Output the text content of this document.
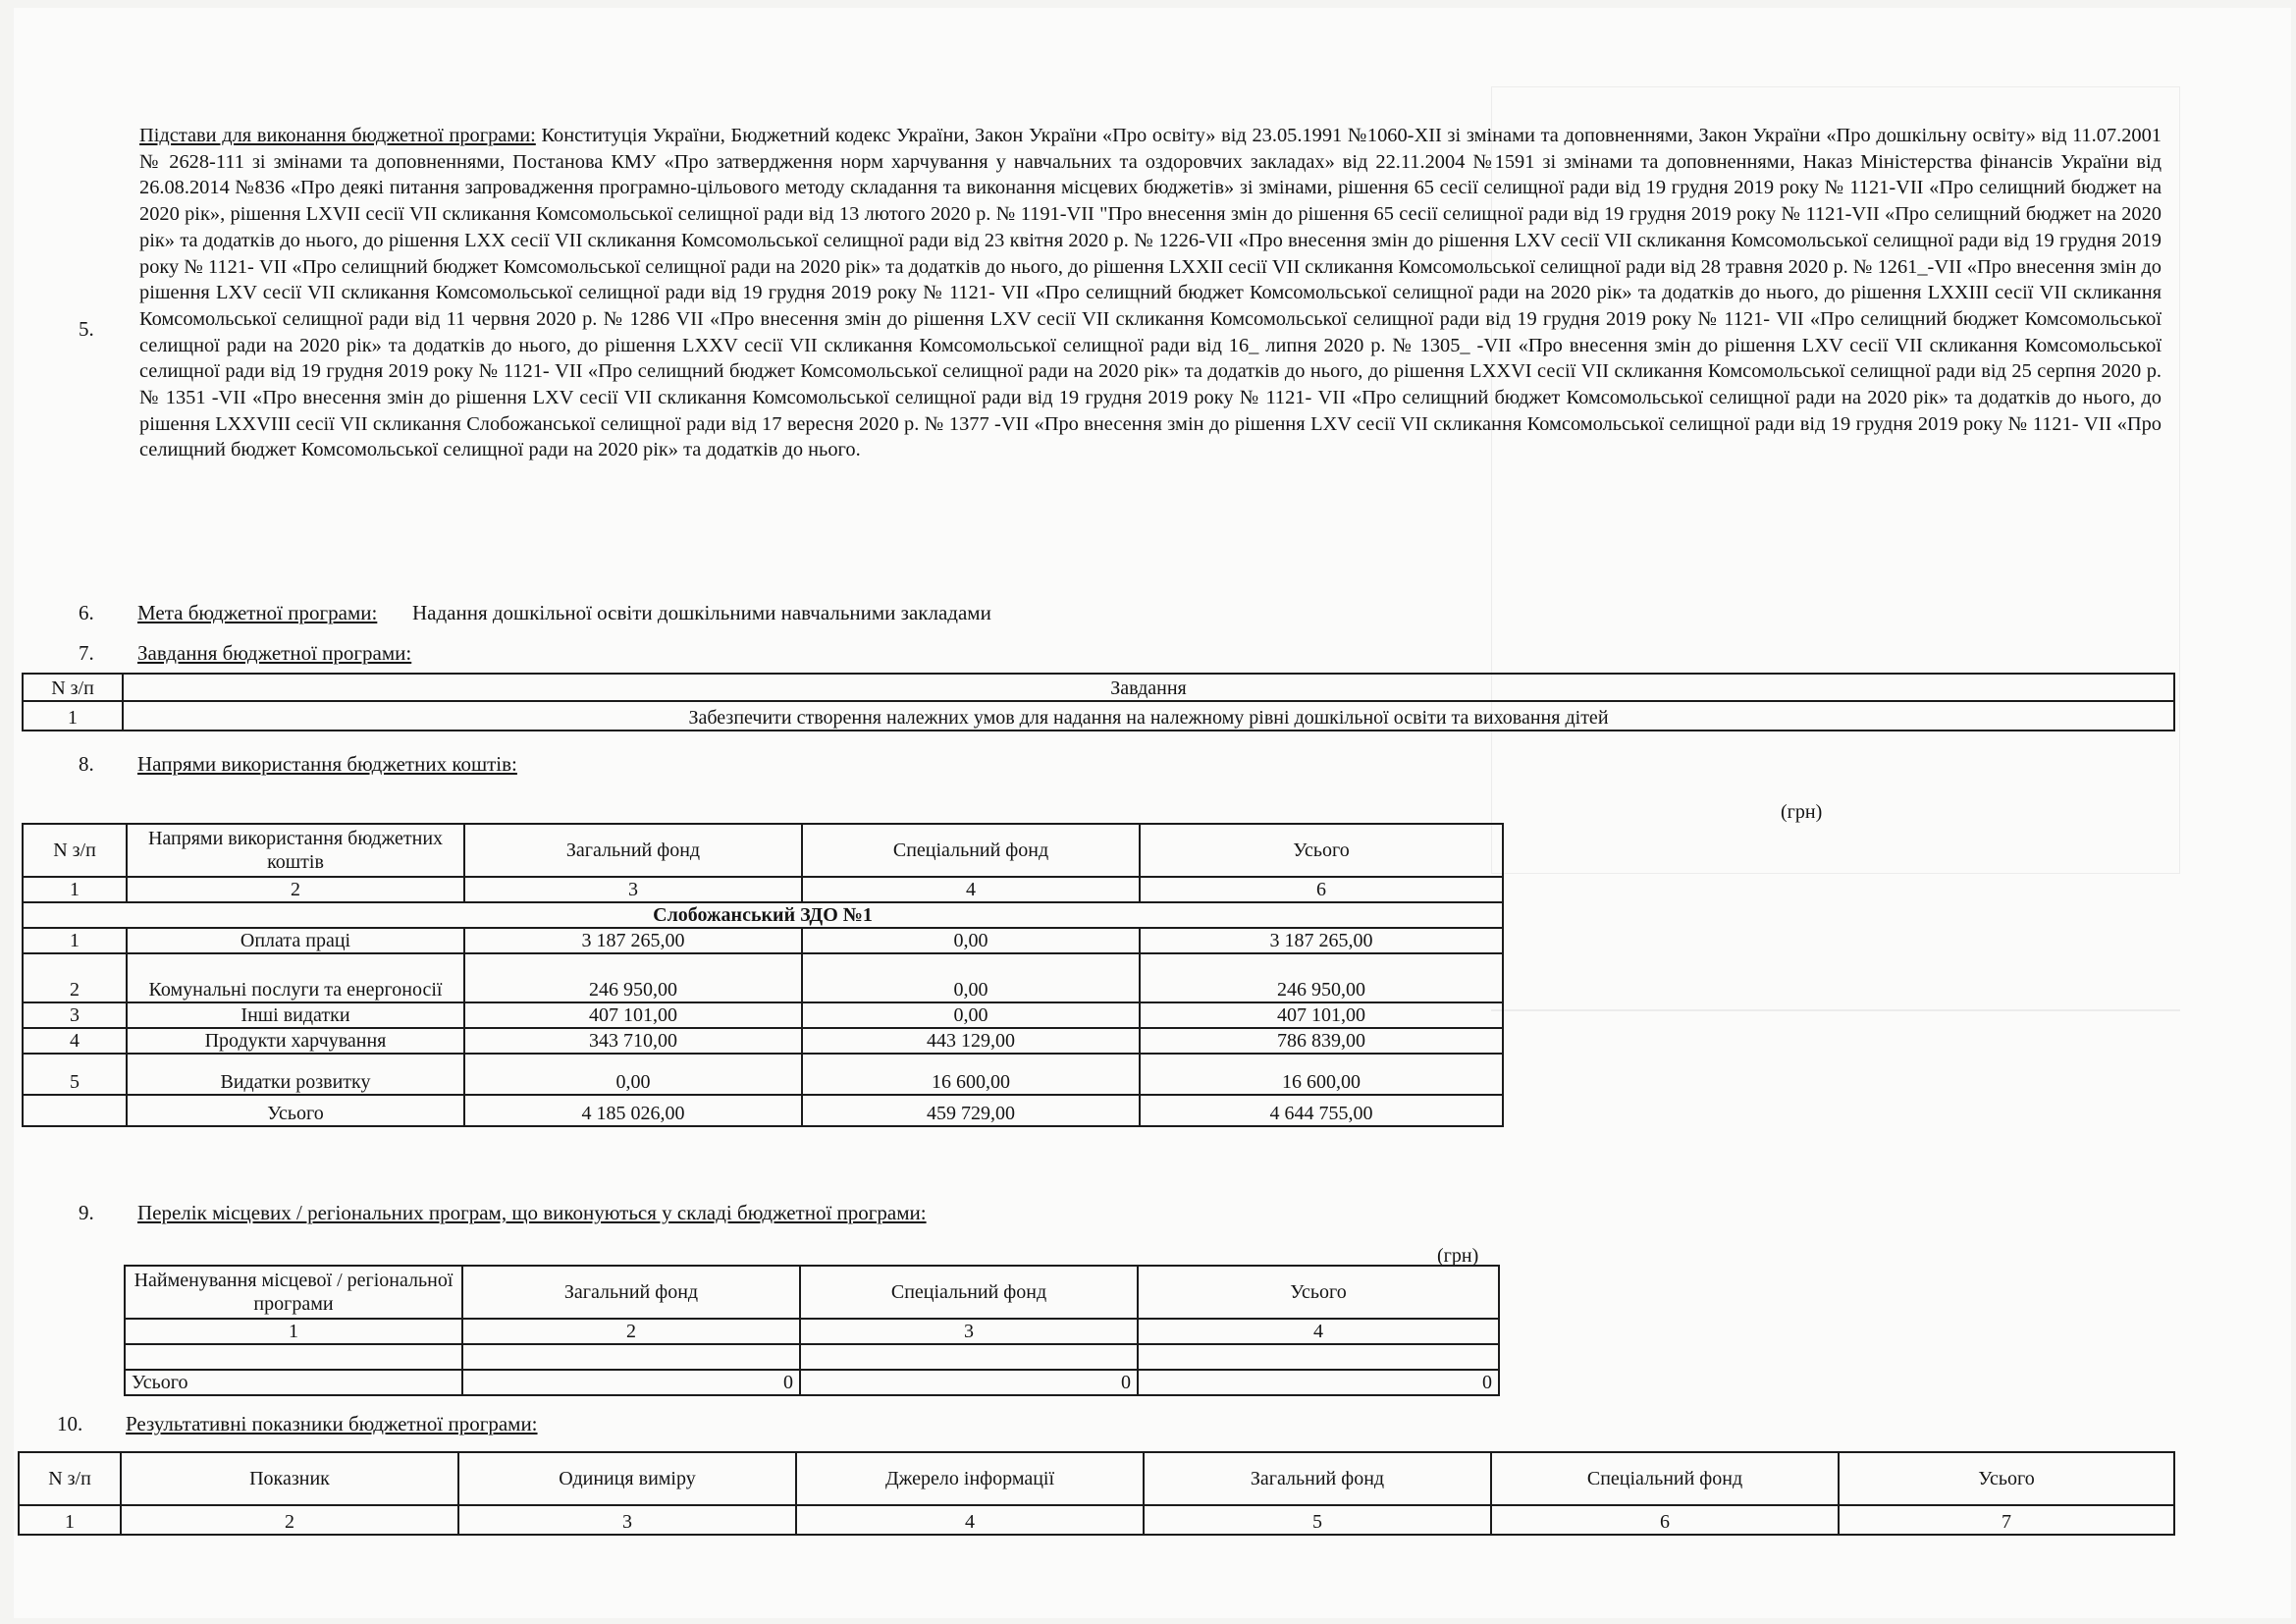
5.
Підстави для виконання бюджетної програми: Конституція України, Бюджетний кодекс України, Закон України «Про освіту» від 23.05.1991 №1060-XII зі змінами та доповненнями, Закон України «Про дошкільну освіту» від 11.07.2001 № 2628-111 зі змінами та доповненнями, Постанова КМУ «Про затвердження норм харчування у навчальних та оздоровчих закладах» від 22.11.2004 №1591 зі змінами та доповненнями, Наказ Міністерства фінансів України від 26.08.2014 №836 «Про деякі питання запровадження програмно-цільового методу складання та виконання місцевих бюджетів» зі змінами, рішення 65 сесії селищної ради від 19 грудня 2019 року № 1121-VII «Про селищний бюджет на 2020 рік», рішення LXVII сесії VII скликання Комсомольської селищної ради від 13 лютого 2020 р. № 1191-VII "Про внесення змін до рішення 65 сесії селищної ради від 19 грудня 2019 року № 1121-VII «Про селищний бюджет на 2020 рік» та додатків до нього, до рішення LXX сесії VII скликання Комсомольської селищної ради від 23 квітня 2020 р. № 1226-VII «Про внесення змін до рішення LXV сесії VII скликання Комсомольської селищної ради від 19 грудня 2019 року № 1121- VII «Про селищний бюджет Комсомольської селищної ради на 2020 рік» та додатків до нього, до рішення LXXII сесії VII скликання Комсомольської селищної ради від 28 травня 2020 р. № 1261_-VII «Про внесення змін до рішення LXV сесії VII скликання Комсомольської селищної ради від 19 грудня 2019 року № 1121- VII «Про селищний бюджет Комсомольської селищної ради на 2020 рік» та додатків до нього, до рішення LXXIII сесії VII скликання Комсомольської селищної ради від 11 червня 2020 р. № 1286 VII «Про внесення змін до рішення LXV сесії VII скликання Комсомольської селищної ради від 19 грудня 2019 року № 1121- VII «Про селищний бюджет Комсомольської селищної ради на 2020 рік» та додатків до нього, до рішення LXXV сесії VII скликання Комсомольської селищної ради від 16_ липня 2020 р. № 1305_ -VII «Про внесення змін до рішення LXV сесії VII скликання Комсомольської селищної ради від 19 грудня 2019 року № 1121- VII «Про селищний бюджет Комсомольської селищної ради на 2020 рік» та додатків до нього, до рішення LXXVI сесії VII скликання Комсомольської селищної ради від 25 серпня 2020 р. № 1351 -VII «Про внесення змін до рішення LXV сесії VII скликання Комсомольської селищної ради від 19 грудня 2019 року № 1121- VII «Про селищний бюджет Комсомольської селищної ради на 2020 рік» та додатків до нього, до рішення LXXVIII сесії VII скликання Слобожанської селищної ради від 17 вересня 2020 р. № 1377 -VII «Про внесення змін до рішення LXV сесії VII скликання Комсомольської селищної ради від 19 грудня 2019 року № 1121- VII «Про селищний бюджет Комсомольської селищної ради на 2020 рік» та додатків до нього.
6. Мета бюджетної програми: Надання дошкільної освіти дошкільними навчальними закладами
7. Завдання бюджетної програми:
N з/п	Завдання
1	Забезпечити створення належних умов для надання на належному рівні дошкільної освіти та виховання дітей
8. Напрями використання бюджетних коштів:
(грн)
N з/п	Напрями використання бюджетних коштів	Загальний фонд	Спеціальний фонд	Усього
1	2	3	4	6
Слобожанський ЗДО №1				
1	Оплата праці	3 187 265,00	0,00	3 187 265,00
2	Комунальні послуги та енергоносії	246 950,00	0,00	246 950,00
3	Інші видатки	407 101,00	0,00	407 101,00
4	Продукти харчування	343 710,00	443 129,00	786 839,00
5	Видатки розвитку	0,00	16 600,00	16 600,00
	Усього	4 185 026,00	459 729,00	4 644 755,00
9. Перелік місцевих / регіональних програм, що виконуються у складі бюджетної програми:
(грн)
Найменування місцевої / регіональної програми	Загальний фонд	Спеціальний фонд	Усього
1	2	3	4

Усього	0	0	0
10. Результативні показники бюджетної програми:
N з/п	Показник	Одиниця виміру	Джерело інформації	Загальний фонд	Спеціальний фонд	Усього
1	2	3	4	5	6	7
